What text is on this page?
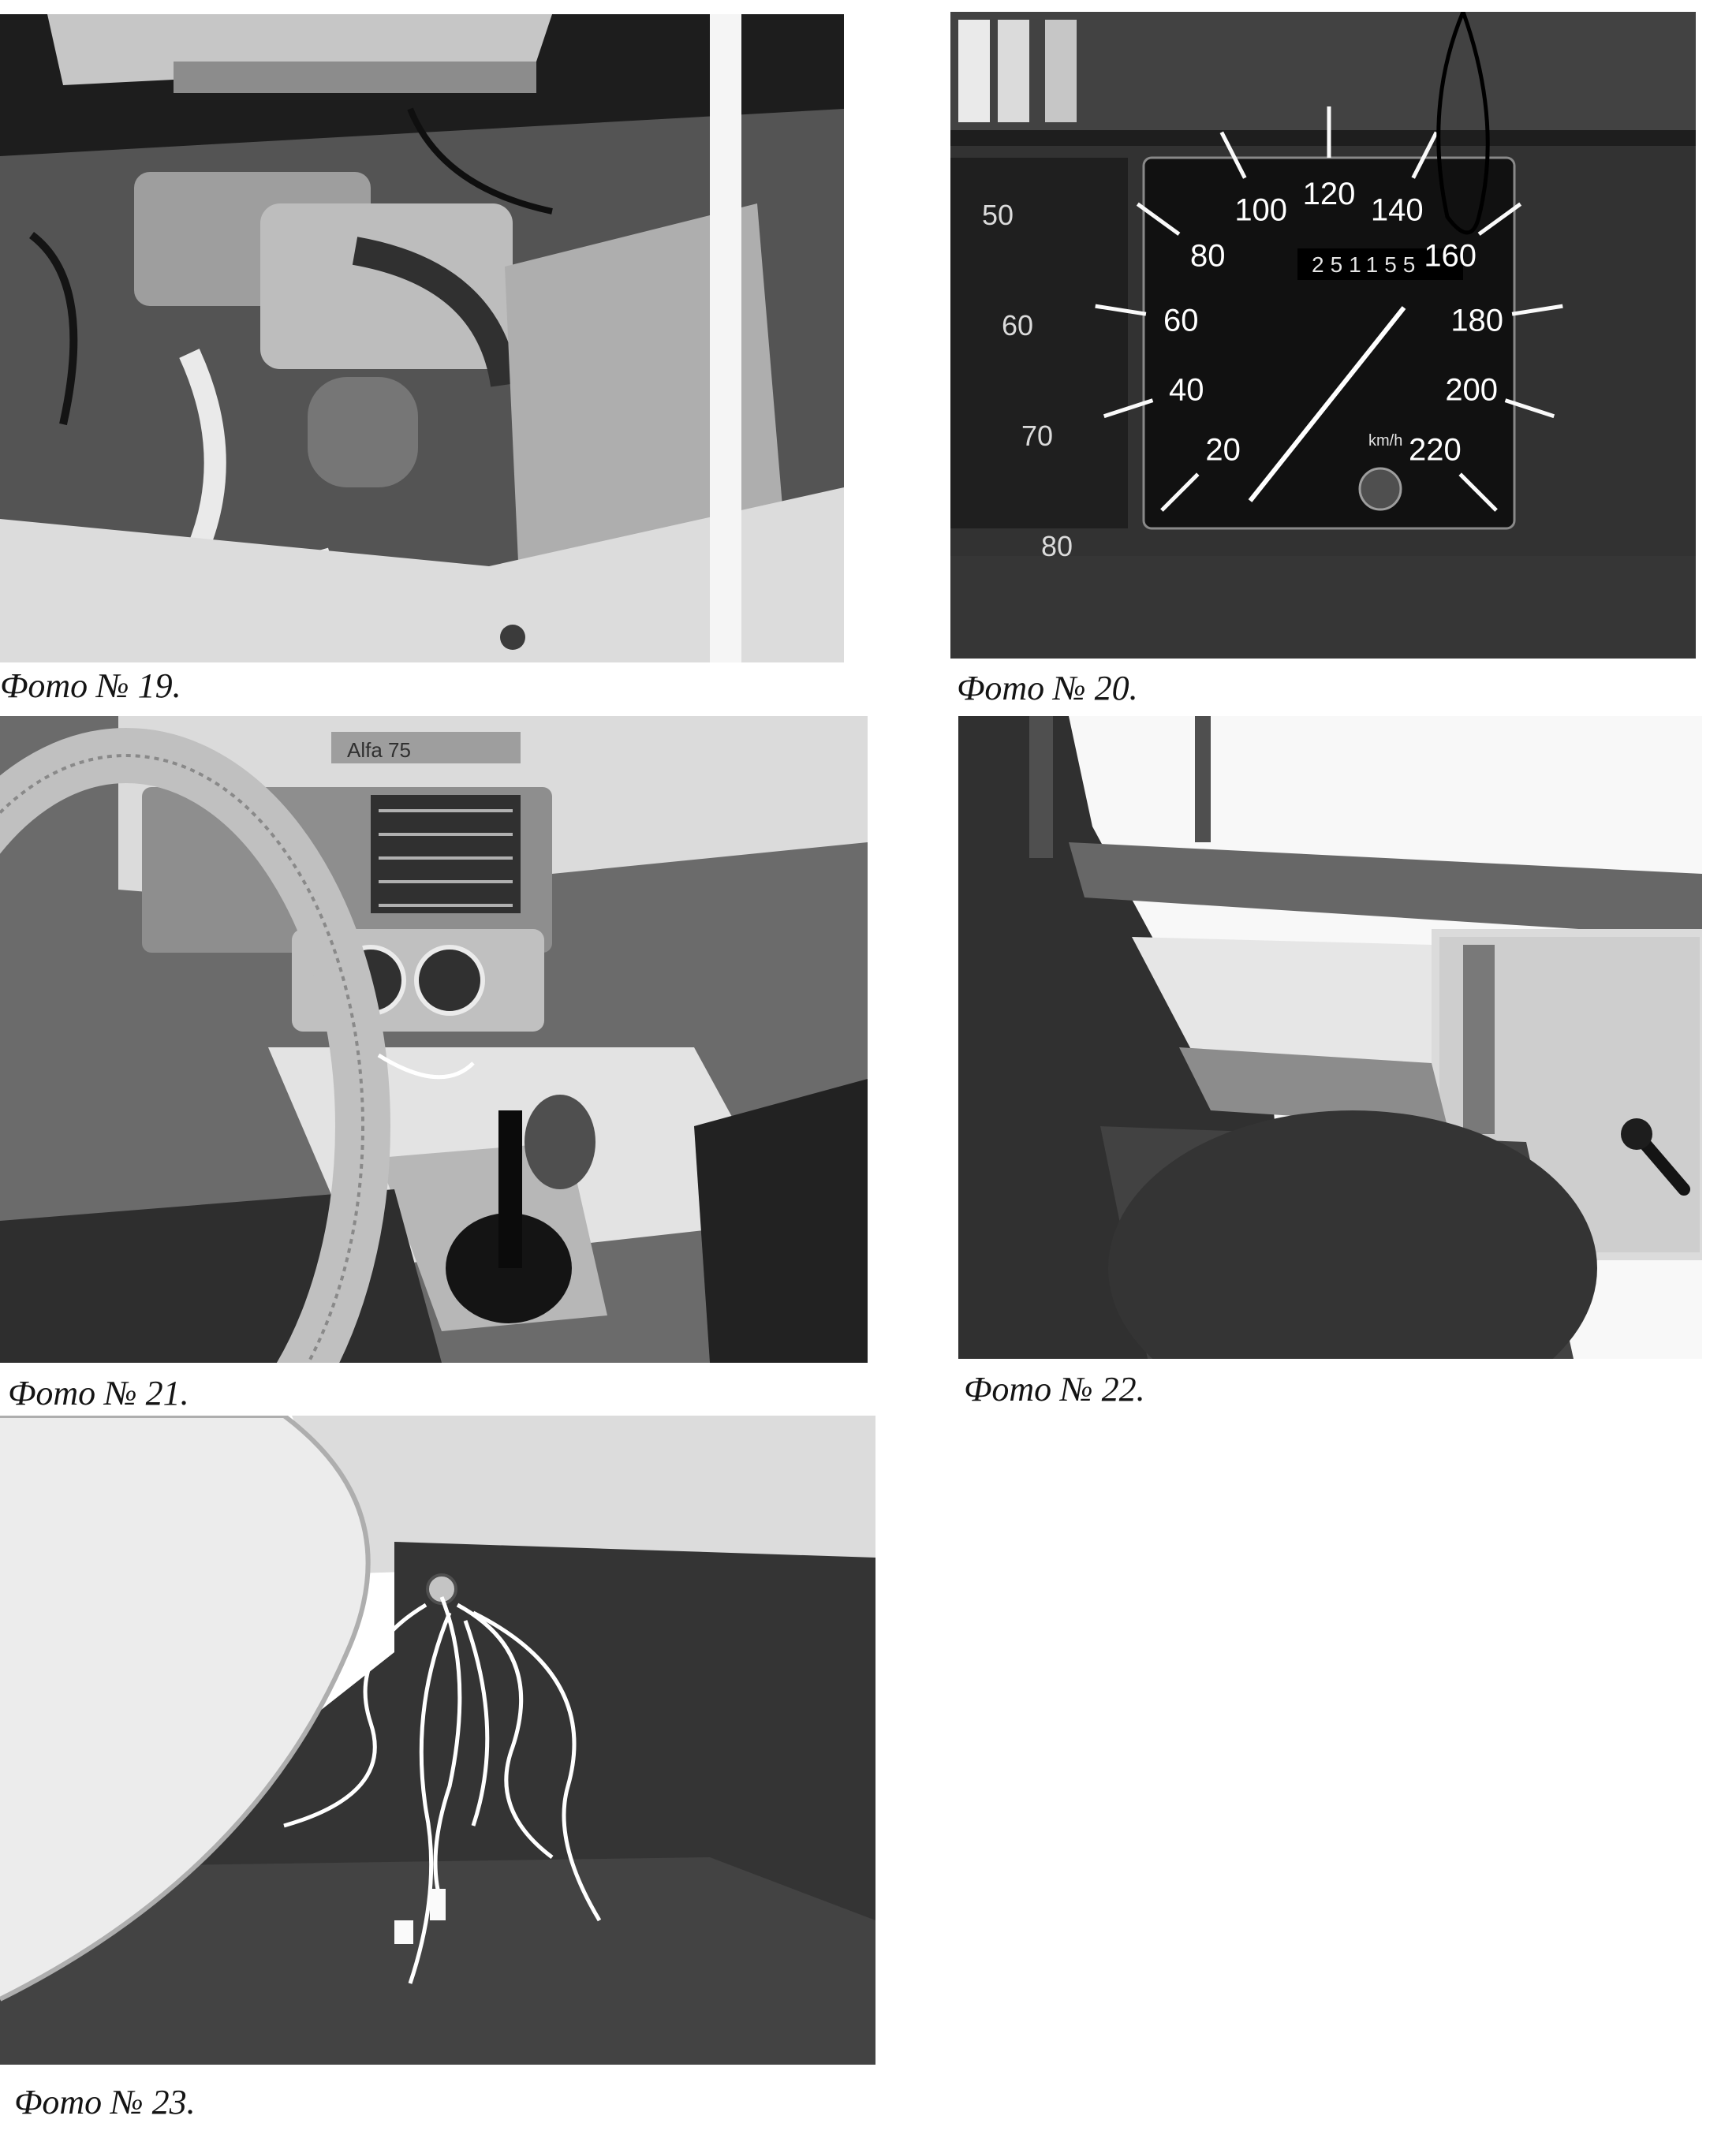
Фото № 19.
251155
km/h
20
40
60
80
100 120 140
160
180
200
220
50
60
70
80
Фото № 20.
Alfa 75
Фото № 21.	Фото № 22.
Фото № 23.
